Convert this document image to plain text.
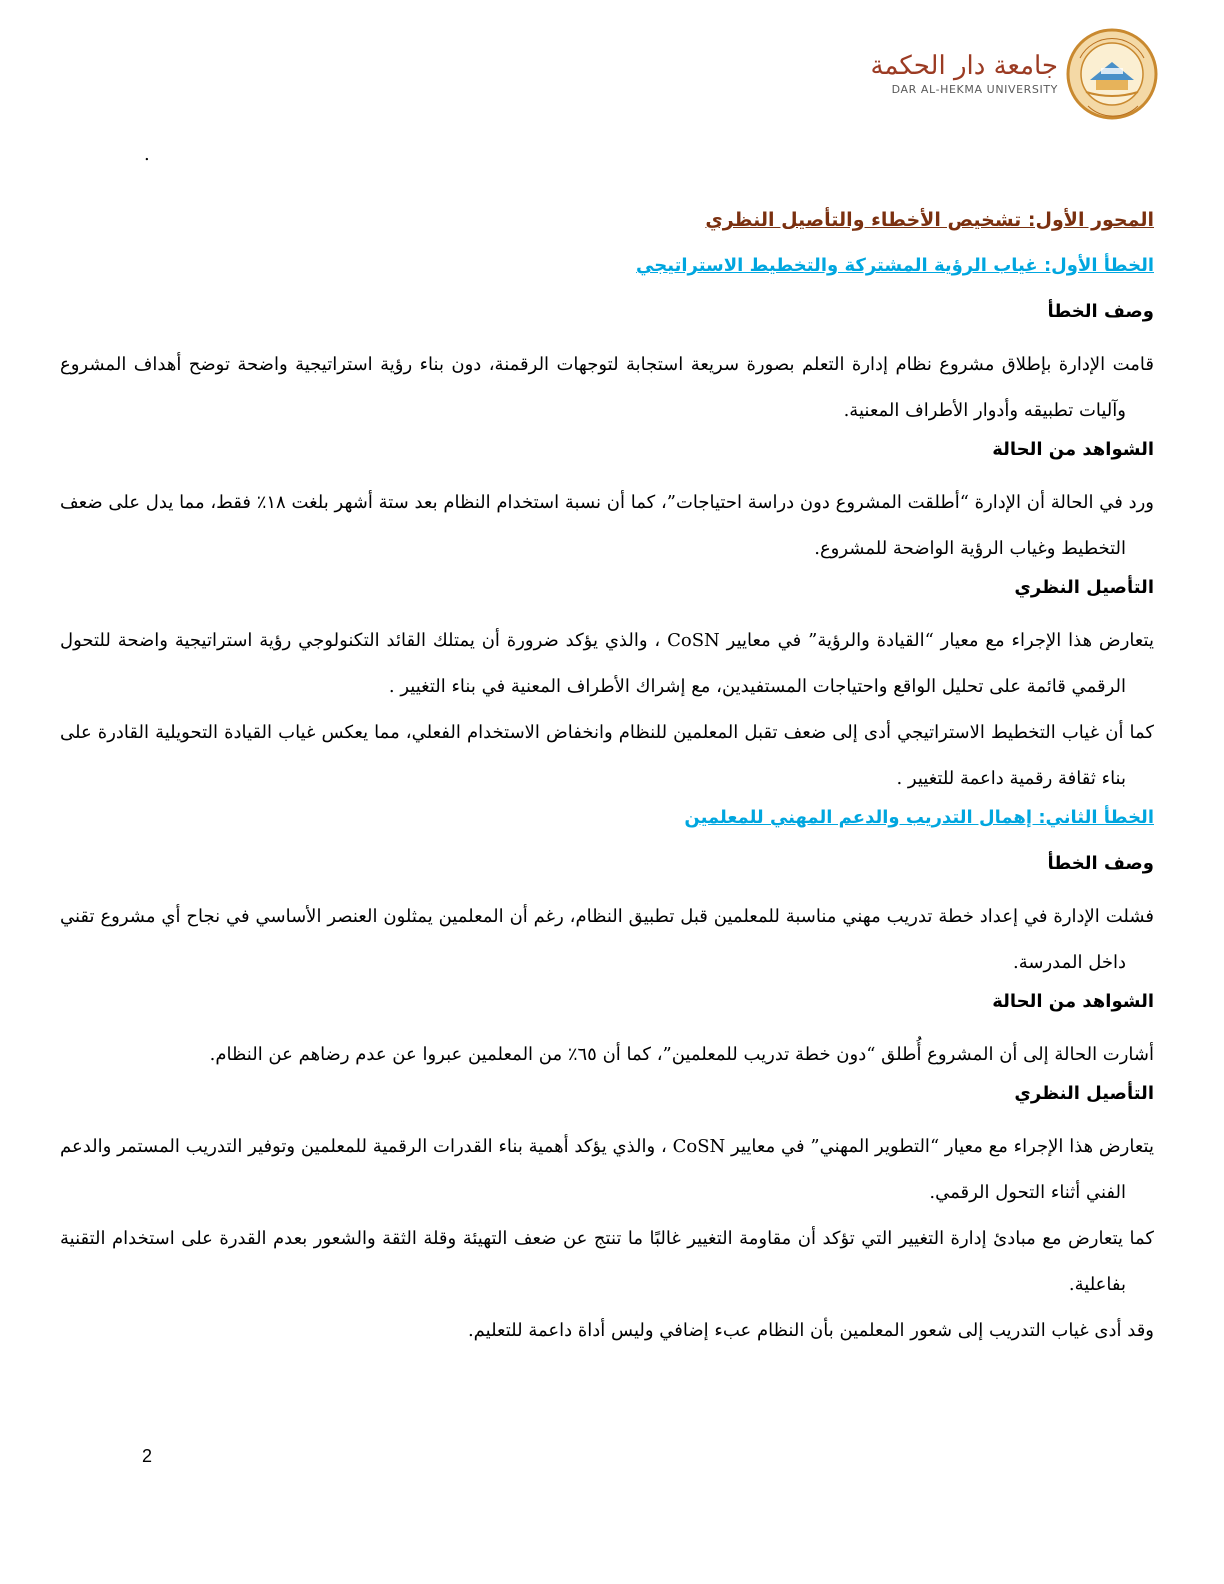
جامعة دار الحكمة
DAR AL-HEKMA UNIVERSITY
.
المحور الأول: تشخيص الأخطاء والتأصيل النظري
الخطأ الأول: غياب الرؤية المشتركة والتخطيط الاستراتيجي
وصف الخطأ

قامت الإدارة بإطلاق مشروع نظام إدارة التعلم بصورة سريعة استجابة لتوجهات الرقمنة، دون بناء رؤية استراتيجية واضحة توضح أهداف المشروع وآليات تطبيقه وأدوار الأطراف المعنية.

الشواهد من الحالة

ورد في الحالة أن الإدارة “أطلقت المشروع دون دراسة احتياجات”، كما أن نسبة استخدام النظام بعد ستة أشهر بلغت ١٨٪ فقط، مما يدل على ضعف التخطيط وغياب الرؤية الواضحة للمشروع.

التأصيل النظري

يتعارض هذا الإجراء مع معيار “القيادة والرؤية” في معايير CoSN ، والذي يؤكد ضرورة أن يمتلك القائد التكنولوجي رؤية استراتيجية واضحة للتحول الرقمي قائمة على تحليل الواقع واحتياجات المستفيدين، مع إشراك الأطراف المعنية في بناء التغيير .

كما أن غياب التخطيط الاستراتيجي أدى إلى ضعف تقبل المعلمين للنظام وانخفاض الاستخدام الفعلي، مما يعكس غياب القيادة التحويلية القادرة على بناء ثقافة رقمية داعمة للتغيير .

الخطأ الثاني: إهمال التدريب والدعم المهني للمعلمين
وصف الخطأ

فشلت الإدارة في إعداد خطة تدريب مهني مناسبة للمعلمين قبل تطبيق النظام، رغم أن المعلمين يمثلون العنصر الأساسي في نجاح أي مشروع تقني داخل المدرسة.

الشواهد من الحالة

أشارت الحالة إلى أن المشروع أُطلق “دون خطة تدريب للمعلمين”، كما أن ٦٥٪ من المعلمين عبروا عن عدم رضاهم عن النظام.

التأصيل النظري

يتعارض هذا الإجراء مع معيار “التطوير المهني” في معايير CoSN ، والذي يؤكد أهمية بناء القدرات الرقمية للمعلمين وتوفير التدريب المستمر والدعم الفني أثناء التحول الرقمي.

كما يتعارض مع مبادئ إدارة التغيير التي تؤكد أن مقاومة التغيير غالبًا ما تنتج عن ضعف التهيئة وقلة الثقة والشعور بعدم القدرة على استخدام التقنية بفاعلية.

وقد أدى غياب التدريب إلى شعور المعلمين بأن النظام عبء إضافي وليس أداة داعمة للتعليم.

2
